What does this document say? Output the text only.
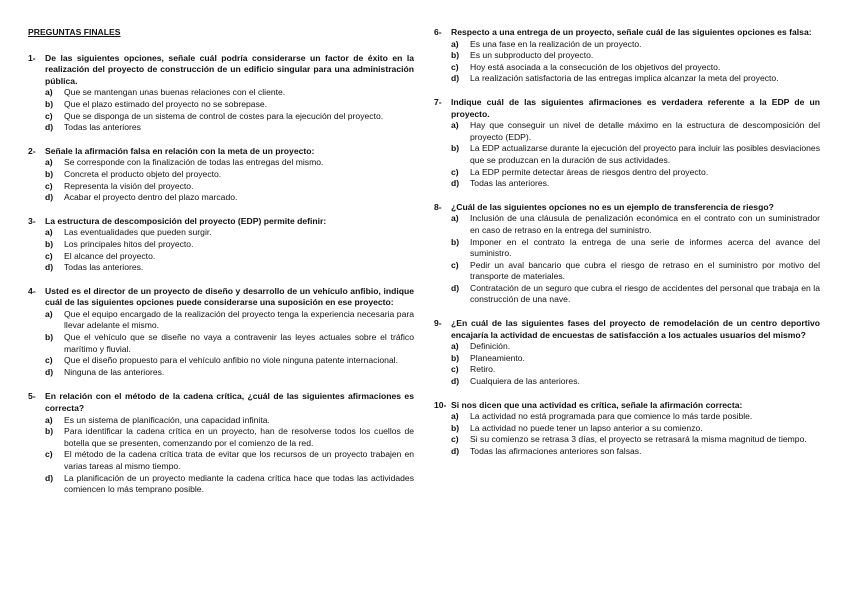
PREGUNTAS FINALES
1-	De las siguientes opciones, señale cuál podría considerarse un factor de éxito en la realización del proyecto de construcción de un edificio singular para una administración pública.
a)	Que se mantengan unas buenas relaciones con el cliente.
b)	Que el plazo estimado del proyecto no se sobrepase.
c)	Que se disponga de un sistema de control de costes para la ejecución del proyecto.
d)	Todas las anteriores
2-	Señale la afirmación falsa en relación con la meta de un proyecto:
a)	Se corresponde con la finalización de todas las entregas del mismo.
b)	Concreta el producto objeto del proyecto.
c)	Representa la visión del proyecto.
d)	Acabar el proyecto dentro del plazo marcado.
3-	La estructura de descomposición del proyecto (EDP) permite definir:
a)	Las eventualidades que pueden surgir.
b)	Los principales hitos del proyecto.
c)	El alcance del proyecto.
d)	Todas las anteriores.
4-	Usted es el director de un proyecto de diseño y desarrollo de un vehículo anfibio, indique cuál de las siguientes opciones puede considerarse una suposición en ese proyecto:
a)	Que el equipo encargado de la realización del proyecto tenga la experiencia necesaria para llevar adelante el mismo.
b)	Que el vehículo que se diseñe no vaya a contravenir las leyes actuales sobre el tráfico marítimo y fluvial.
c)	Que el diseño propuesto para el vehículo anfibio no viole ninguna patente internacional.
d)	Ninguna de las anteriores.
5-	En relación con el método de la cadena crítica, ¿cuál de las siguientes afirmaciones es correcta?
a)	Es un sistema de planificación, una capacidad infinita.
b)	Para identificar la cadena crítica en un proyecto, han de resolverse todos los cuellos de botella que se presenten, comenzando por el comienzo de la red.
c)	El método de la cadena crítica trata de evitar que los recursos de un proyecto trabajen en varias tareas al mismo tiempo.
d)	La planificación de un proyecto mediante la cadena crítica hace que todas las actividades comiencen lo más temprano posible.
6-	Respecto a una entrega de un proyecto, señale cuál de las siguientes opciones es falsa:
a)	Es una fase en la realización de un proyecto.
b)	Es un subproducto del proyecto.
c)	Hoy está asociada a la consecución de los objetivos del proyecto.
d)	La realización satisfactoria de las entregas implica alcanzar la meta del proyecto.
7-	Indique cuál de las siguientes afirmaciones es verdadera referente a la EDP de un proyecto.
a)	Hay que conseguir un nivel de detalle máximo en la estructura de descomposición del proyecto (EDP).
b)	La EDP actualizarse durante la ejecución del proyecto para incluir las posibles desviaciones que se produzcan en la duración de sus actividades.
c)	La EDP permite detectar áreas de riesgos dentro del proyecto.
d)	Todas las anteriores.
8-	¿Cuál de las siguientes opciones no es un ejemplo de transferencia de riesgo?
a)	Inclusión de una cláusula de penalización económica en el contrato con un suministrador en caso de retraso en la entrega del suministro.
b)	Imponer en el contrato la entrega de una serie de informes acerca del avance del suministro.
c)	Pedir un aval bancario que cubra el riesgo de retraso en el suministro por motivo del transporte de materiales.
d)	Contratación de un seguro que cubra el riesgo de accidentes del personal que trabaja en la construcción de una nave.
9-	¿En cuál de las siguientes fases del proyecto de remodelación de un centro deportivo encajaría la actividad de encuestas de satisfacción a los actuales usuarios del mismo?
a)	Definición.
b)	Planeamiento.
c)	Retiro.
d)	Cualquiera de las anteriores.
10- Si nos dicen que una actividad es crítica, señale la afirmación correcta:
a)	La actividad no está programada para que comience lo más tarde posible.
b)	La actividad no puede tener un lapso anterior a su comienzo.
c)	Si su comienzo se retrasa 3 días, el proyecto se retrasará la misma magnitud de tiempo.
d)	Todas las afirmaciones anteriores son falsas.
